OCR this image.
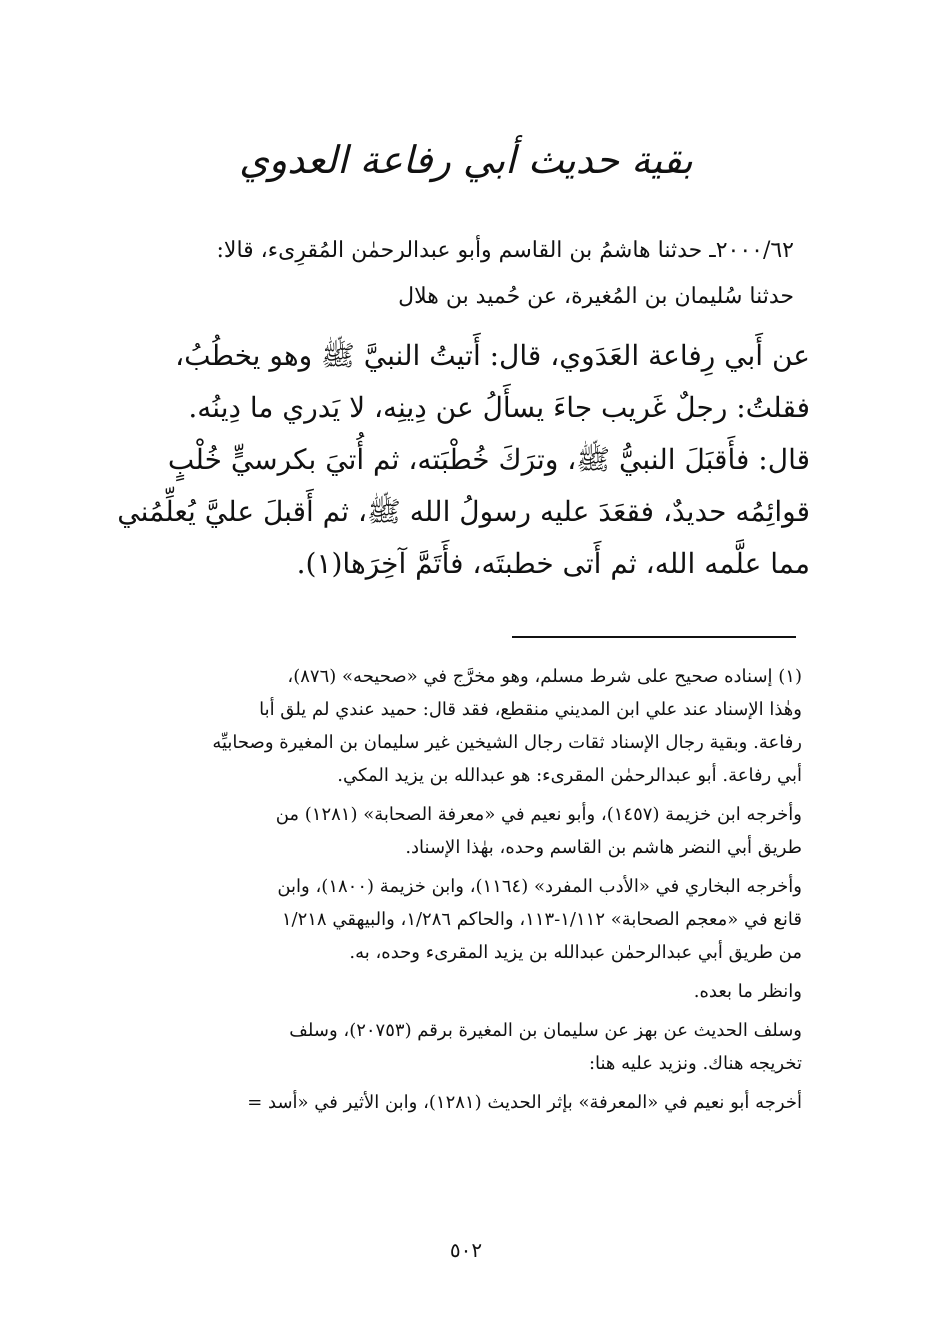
بقية حديث أبي رفاعة العدوي
٢٠٠٠/٦٢ـ حدثنا هاشمُ بن القاسم وأبو عبدالرحمٰن المُقرِىء، قالا:
حدثنا سُليمان بن المُغيرة، عن حُميد بن هلال
عن أَبي رِفاعة العَدَوي، قال: أَتيتُ النبيَّ ﷺ وهو يخطُبُ،
فقلتُ: رجلٌ غَريب جاءَ يسأَلُ عن دِينِه، لا يَدري ما دِينُه.
قال: فأَقبَلَ النبيُّ ﷺ، وترَكَ خُطْبَته، ثم أُتيَ بكرسيٍّ خُلْبٍ
قوائِمُه حديدٌ، فقعَدَ عليه رسولُ الله ﷺ، ثم أَقبلَ عليَّ يُعلِّمُني
مما علَّمه الله، ثم أَتى خطبتَه، فأَتَمَّ آخِرَها(١).

(١) إسناده صحيح على شرط مسلم، وهو مخرَّج في «صحيحه» (٨٧٦)،
وهٰذا الإسناد عند علي ابن المديني منقطع، فقد قال: حميد عندي لم يلق أبا
رفاعة. وبقية رجال الإسناد ثقات رجال الشيخين غير سليمان بن المغيرة وصحابيِّه
أبي رفاعة. أبو عبدالرحمٰن المقرىء: هو عبدالله بن يزيد المكي.

وأخرجه ابن خزيمة (١٤٥٧)، وأبو نعيم في «معرفة الصحابة» (١٢٨١) من
طريق أبي النضر هاشم بن القاسم وحده، بهٰذا الإسناد.

وأخرجه البخاري في «الأدب المفرد» (١١٦٤)، وابن خزيمة (١٨٠٠)، وابن
قانع في «معجم الصحابة» ١/١١٢-١١٣، والحاكم ١/٢٨٦، والبيهقي ١/٢١٨
من طريق أبي عبدالرحمٰن عبدالله بن يزيد المقرىء وحده، به.

وانظر ما بعده.

وسلف الحديث عن بهز عن سليمان بن المغيرة برقم (٢٠٧٥٣)، وسلف
تخريجه هناك. ونزيد عليه هنا:

أخرجه أبو نعيم في «المعرفة» بإثر الحديث (١٢٨١)، وابن الأثير في «أسد =

٥٠٢
